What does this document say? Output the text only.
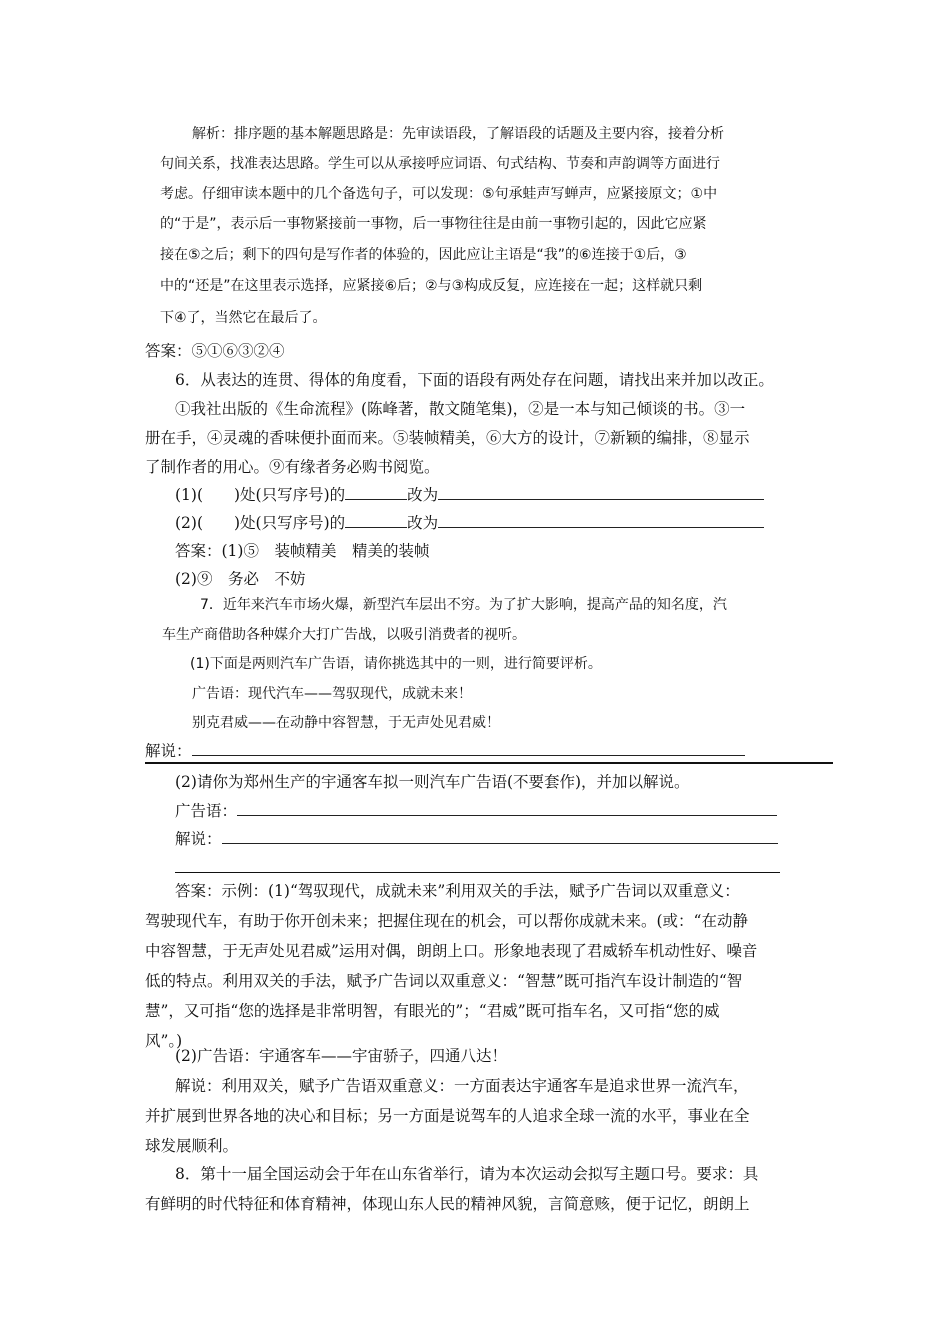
解析：排序题的基本解题思路是：先审读语段，了解语段的话题及主要内容，接着分析
句间关系，找准表达思路。学生可以从承接呼应词语、句式结构、节奏和声韵调等方面进行
考虑。仔细审读本题中的几个备选句子，可以发现：⑤句承蛙声写蝉声，应紧接原文；①中
的“于是”，表示后一事物紧接前一事物，后一事物往往是由前一事物引起的，因此它应紧
接在⑤之后；剩下的四句是写作者的体验的，因此应让主语是“我”的⑥连接于①后，③
中的“还是”在这里表示选择，应紧接⑥后；②与③构成反复，应连接在一起；这样就只剩
下④了，当然它在最后了。
答案：⑤①⑥③②④
6．从表达的连贯、得体的角度看，下面的语段有两处存在问题，请找出来并加以改正。
①我社出版的《生命流程》(陈峰著，散文随笔集)，②是一本与知己倾谈的书。③一
册在手，④灵魂的香味便扑面而来。⑤装帧精美，⑥大方的设计，⑦新颖的编排，⑧显示
了制作者的用心。⑨有缘者务必购书阅览。
(1)(　　)处(只写序号)的	改为
(2)(　　)处(只写序号)的	改为
答案：(1)⑤　装帧精美　精美的装帧
(2)⑨　务必　不妨
7．近年来汽车市场火爆，新型汽车层出不穷。为了扩大影响，提高产品的知名度，汽
车生产商借助各种媒介大打广告战，以吸引消费者的视听。
(1)下面是两则汽车广告语，请你挑选其中的一则，进行简要评析。
广告语：现代汽车——驾驭现代，成就未来！
别克君威——在动静中容智慧，于无声处见君威！
解说：
(2)请你为郑州生产的宇通客车拟一则汽车广告语(不要套作)，并加以解说。
广告语：
解说：
答案：示例：(1)“驾驭现代，成就未来”利用双关的手法，赋予广告词以双重意义：
驾驶现代车，有助于你开创未来；把握住现在的机会，可以帮你成就未来。(或：“在动静
中容智慧，于无声处见君威”运用对偶，朗朗上口。形象地表现了君威轿车机动性好、噪音
低的特点。利用双关的手法，赋予广告词以双重意义：“智慧”既可指汽车设计制造的“智
慧”，又可指“您的选择是非常明智，有眼光的”；“君威”既可指车名，又可指“您的威
风”。)
(2)广告语：宇通客车——宇宙骄子，四通八达！
解说：利用双关，赋予广告语双重意义：一方面表达宇通客车是追求世界一流汽车，
并扩展到世界各地的决心和目标；另一方面是说驾车的人追求全球一流的水平，事业在全
球发展顺利。
8．第十一届全国运动会于年在山东省举行，请为本次运动会拟写主题口号。要求：具
有鲜明的时代特征和体育精神，体现山东人民的精神风貌，言简意赅，便于记忆，朗朗上
